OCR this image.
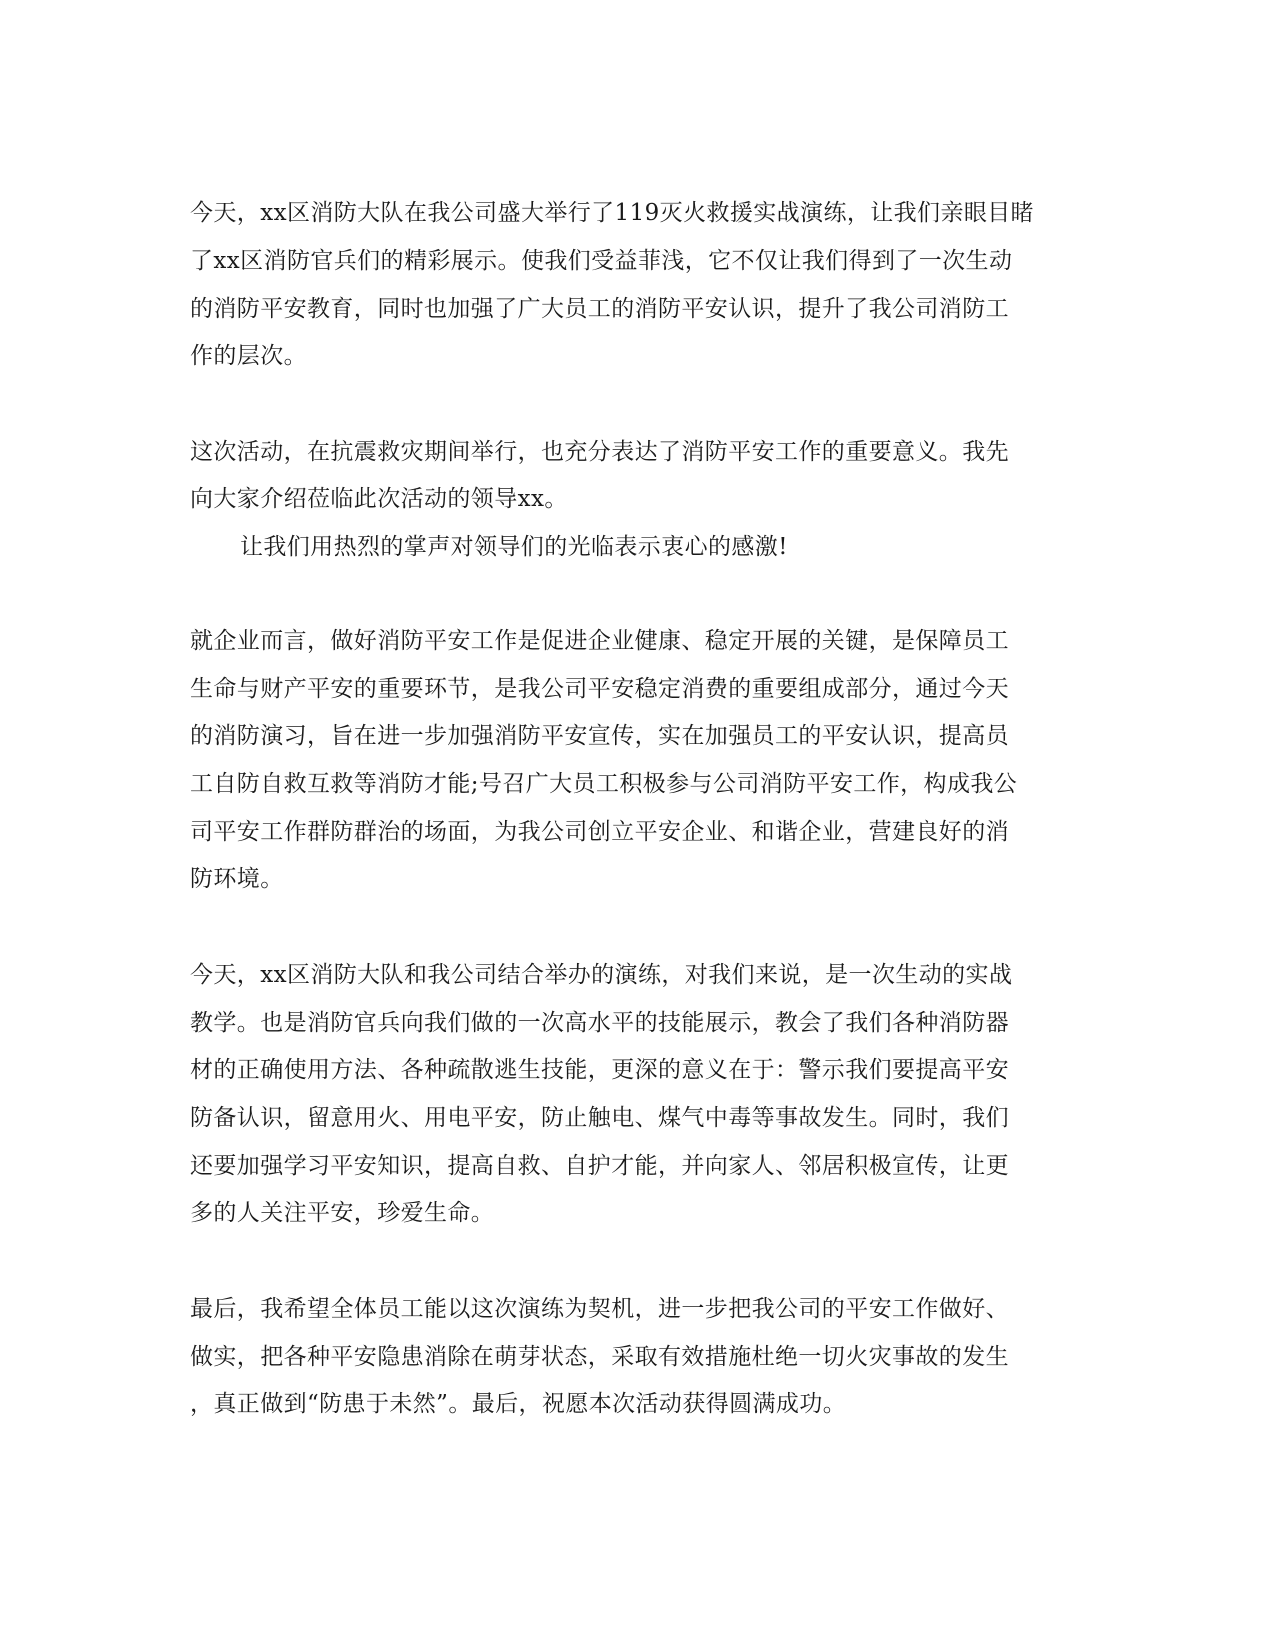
今天，xx区消防大队在我公司盛大举行了119灭火救援实战演练，让我们亲眼目睹

了xx区消防官兵们的精彩展示。使我们受益菲浅，它不仅让我们得到了一次生动

的消防平安教育，同时也加强了广大员工的消防平安认识，提升了我公司消防工

作的层次。

这次活动，在抗震救灾期间举行，也充分表达了消防平安工作的重要意义。我先

向大家介绍莅临此次活动的领导xx。

让我们用热烈的掌声对领导们的光临表示衷心的感激!

就企业而言，做好消防平安工作是促进企业健康、稳定开展的关键，是保障员工

生命与财产平安的重要环节，是我公司平安稳定消费的重要组成部分，通过今天

的消防演习，旨在进一步加强消防平安宣传，实在加强员工的平安认识，提高员

工自防自救互救等消防才能;号召广大员工积极参与公司消防平安工作，构成我公

司平安工作群防群治的场面，为我公司创立平安企业、和谐企业，营建良好的消

防环境。

今天，xx区消防大队和我公司结合举办的演练，对我们来说，是一次生动的实战

教学。也是消防官兵向我们做的一次高水平的技能展示，教会了我们各种消防器

材的正确使用方法、各种疏散逃生技能，更深的意义在于：警示我们要提高平安

防备认识，留意用火、用电平安，防止触电、煤气中毒等事故发生。同时，我们

还要加强学习平安知识，提高自救、自护才能，并向家人、邻居积极宣传，让更

多的人关注平安，珍爱生命。

最后，我希望全体员工能以这次演练为契机，进一步把我公司的平安工作做好、

做实，把各种平安隐患消除在萌芽状态，采取有效措施杜绝一切火灾事故的发生

，真正做到“防患于未然”。最后，祝愿本次活动获得圆满成功。
